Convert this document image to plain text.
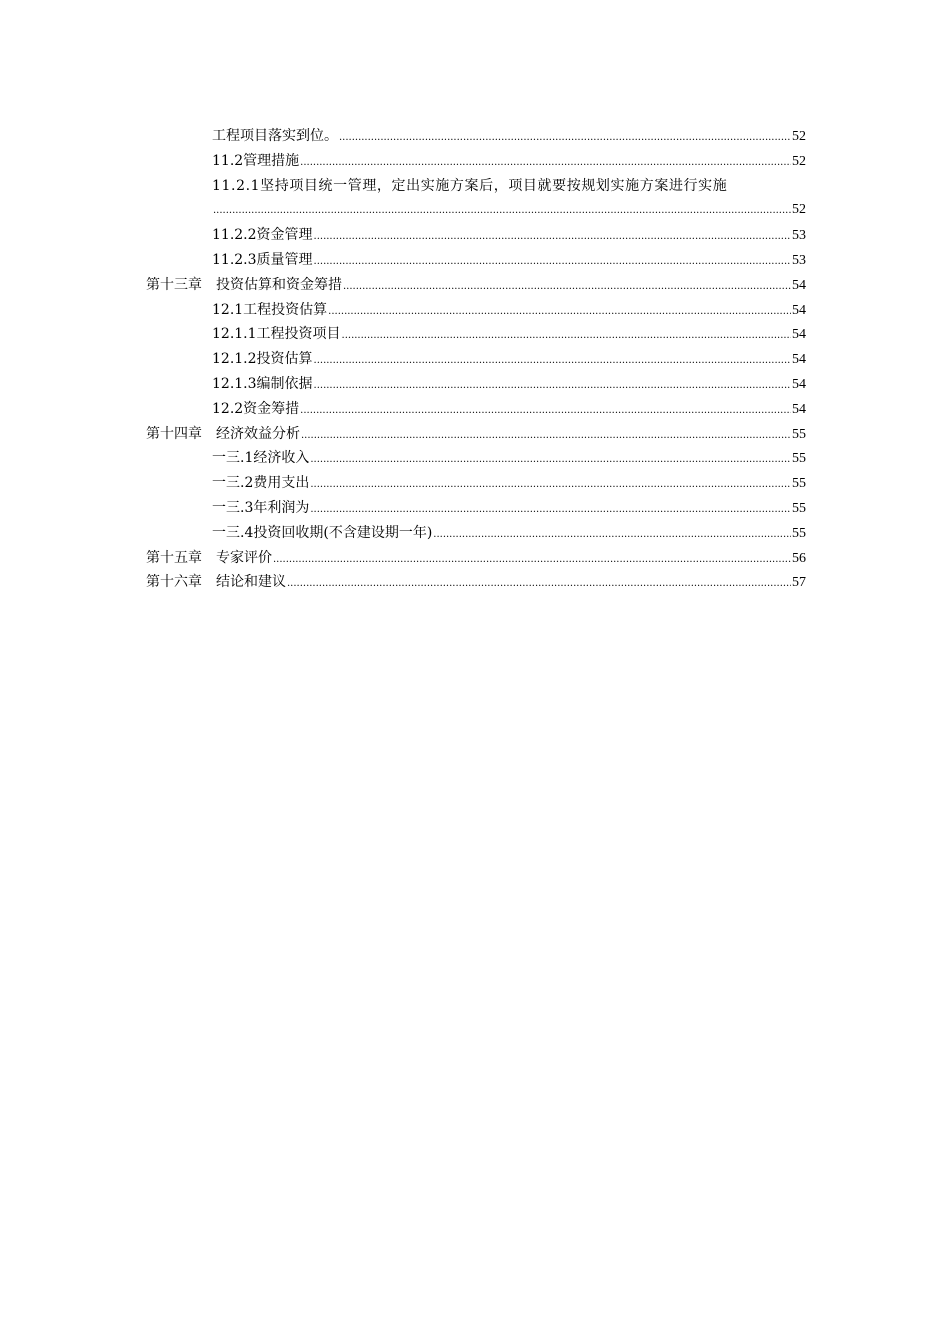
工程项目落实到位。 .....	52
11.2管理措施 .....	52
11.2.1坚持项目统一管理，定出实施方案后，项目就要按规划实施方案进行实施
.....
52
11.2.2资金管理 .....	53
11.2.3质量管理 .....	53
第十三章　投资估算和资金筹措 .....	54
12.1工程投资估算 .....	54
12.1.1工程投资项目 .....	54
12.1.2投资估算 .....	54
12.1.3编制依据 .....	54
12.2资金筹措 .....	54
第十四章　经济效益分析 .....	55
一三.1经济收入 .....	55
一三.2费用支出 .....	55
一三.3年利润为 .....	55
一三.4投资回收期(不含建设期一年) .....	55
第十五章　专家评价 .....	56
第十六章　结论和建议 .....	57
